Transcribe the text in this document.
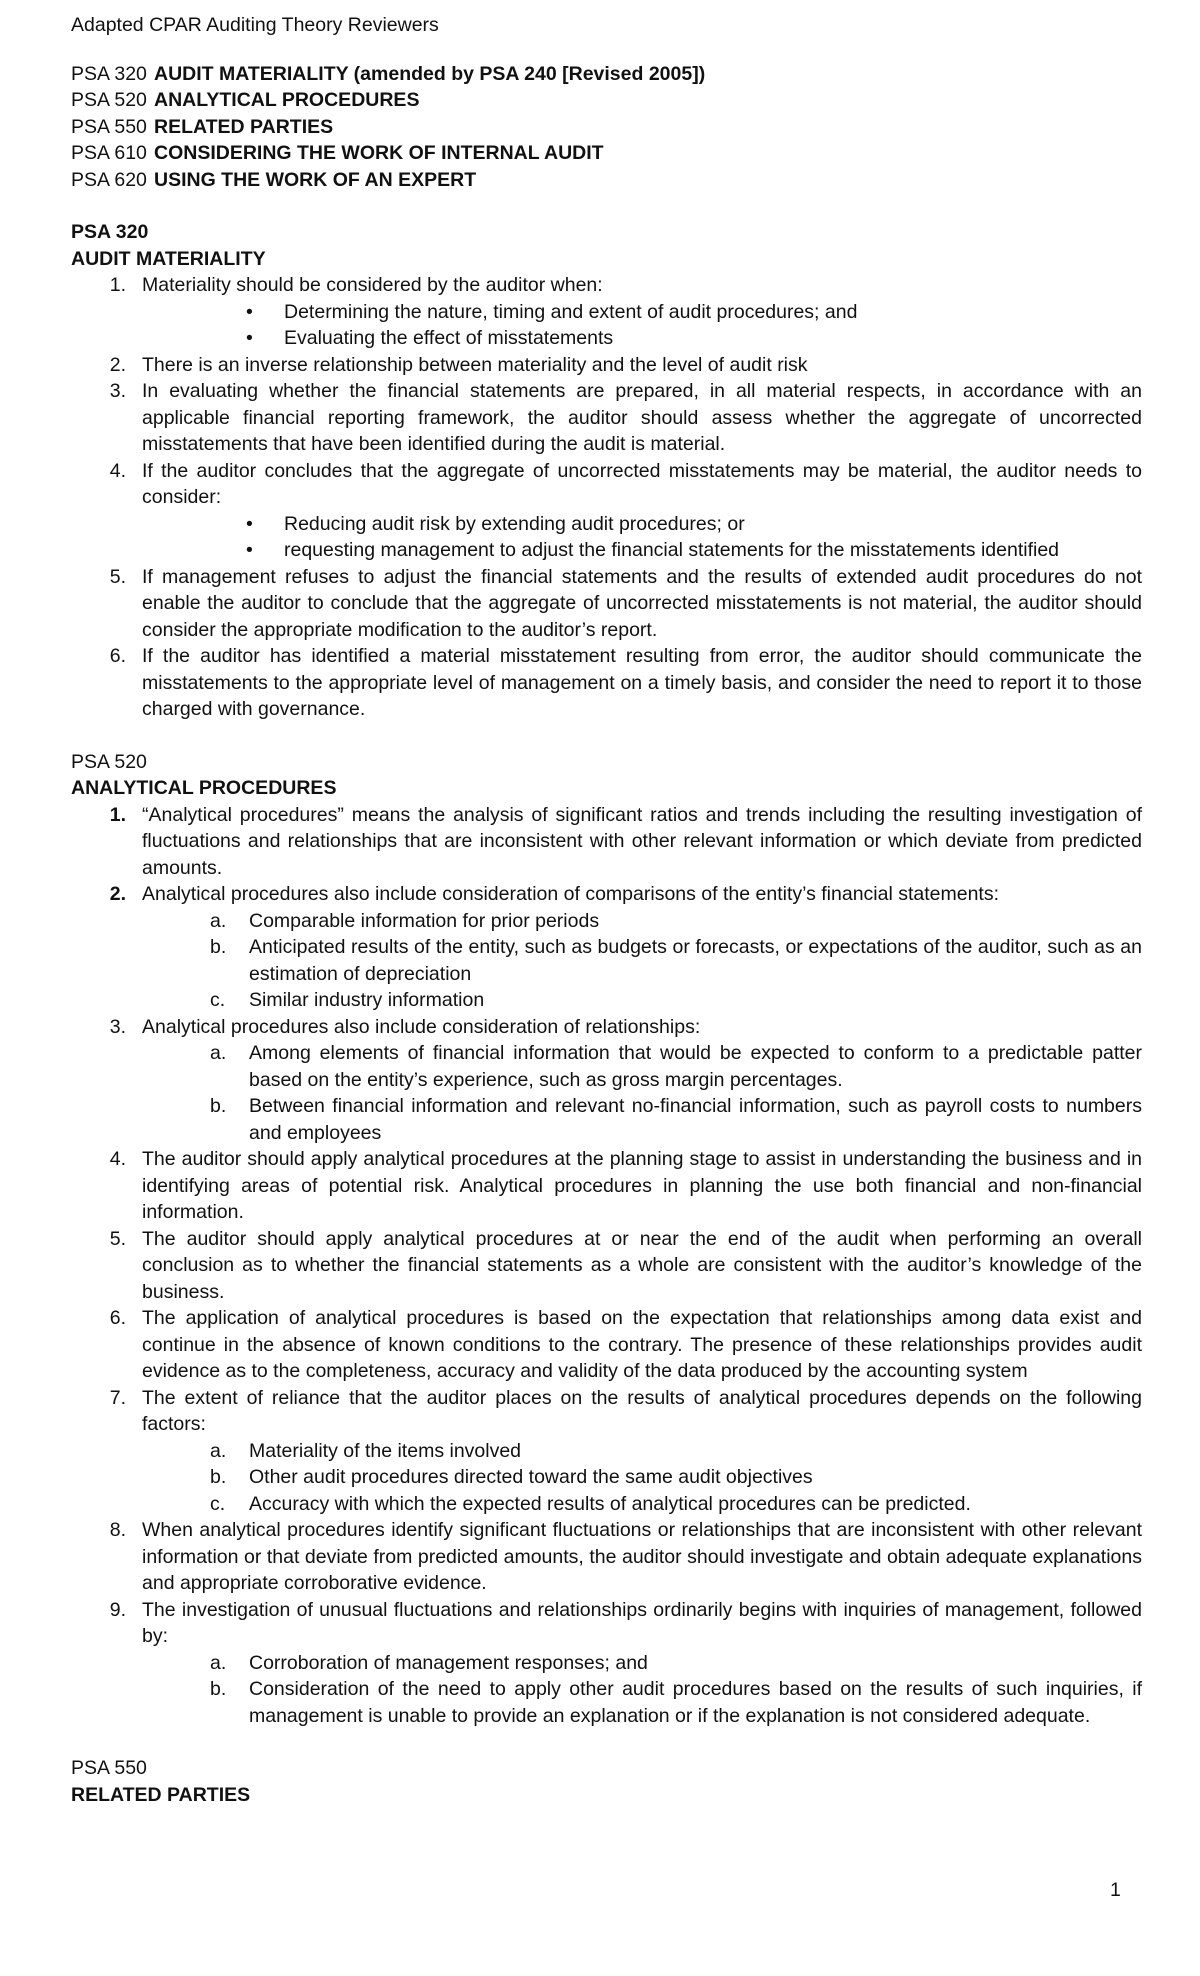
Adapted CPAR Auditing Theory Reviewers
PSA 320 AUDIT MATERIALITY (amended by PSA 240 [Revised 2005])
PSA 520 ANALYTICAL PROCEDURES
PSA 550 RELATED PARTIES
PSA 610 CONSIDERING THE WORK OF INTERNAL AUDIT
PSA 620 USING THE WORK OF AN EXPERT
PSA 320
AUDIT MATERIALITY
1. Materiality should be considered by the auditor when:
• Determining the nature, timing and extent of audit procedures; and
• Evaluating the effect of misstatements
2. There is an inverse relationship between materiality and the level of audit risk
3. In evaluating whether the financial statements are prepared, in all material respects, in accordance with an applicable financial reporting framework, the auditor should assess whether the aggregate of uncorrected misstatements that have been identified during the audit is material.
4. If the auditor concludes that the aggregate of uncorrected misstatements may be material, the auditor needs to consider:
• Reducing audit risk by extending audit procedures; or
• requesting management to adjust the financial statements for the misstatements identified
5. If management refuses to adjust the financial statements and the results of extended audit procedures do not enable the auditor to conclude that the aggregate of uncorrected misstatements is not material, the auditor should consider the appropriate modification to the auditor’s report.
6. If the auditor has identified a material misstatement resulting from error, the auditor should communicate the misstatements to the appropriate level of management on a timely basis, and consider the need to report it to those charged with governance.
PSA 520
ANALYTICAL PROCEDURES
1. “Analytical procedures” means the analysis of significant ratios and trends including the resulting investigation of fluctuations and relationships that are inconsistent with other relevant information or which deviate from predicted amounts.
2. Analytical procedures also include consideration of comparisons of the entity’s financial statements:
a. Comparable information for prior periods
b. Anticipated results of the entity, such as budgets or forecasts, or expectations of the auditor, such as an estimation of depreciation
c. Similar industry information
3. Analytical procedures also include consideration of relationships:
a. Among elements of financial information that would be expected to conform to a predictable patter based on the entity’s experience, such as gross margin percentages.
b. Between financial information and relevant no-financial information, such as payroll costs to numbers and employees
4. The auditor should apply analytical procedures at the planning stage to assist in understanding the business and in identifying areas of potential risk. Analytical procedures in planning the use both financial and non-financial information.
5. The auditor should apply analytical procedures at or near the end of the audit when performing an overall conclusion as to whether the financial statements as a whole are consistent with the auditor’s knowledge of the business.
6. The application of analytical procedures is based on the expectation that relationships among data exist and continue in the absence of known conditions to the contrary. The presence of these relationships provides audit evidence as to the completeness, accuracy and validity of the data produced by the accounting system
7. The extent of reliance that the auditor places on the results of analytical procedures depends on the following factors:
a. Materiality of the items involved
b. Other audit procedures directed toward the same audit objectives
c. Accuracy with which the expected results of analytical procedures can be predicted.
8. When analytical procedures identify significant fluctuations or relationships that are inconsistent with other relevant information or that deviate from predicted amounts, the auditor should investigate and obtain adequate explanations and appropriate corroborative evidence.
9. The investigation of unusual fluctuations and relationships ordinarily begins with inquiries of management, followed by:
a. Corroboration of management responses; and
b. Consideration of the need to apply other audit procedures based on the results of such inquiries, if management is unable to provide an explanation or if the explanation is not considered adequate.
PSA 550
RELATED PARTIES
1
